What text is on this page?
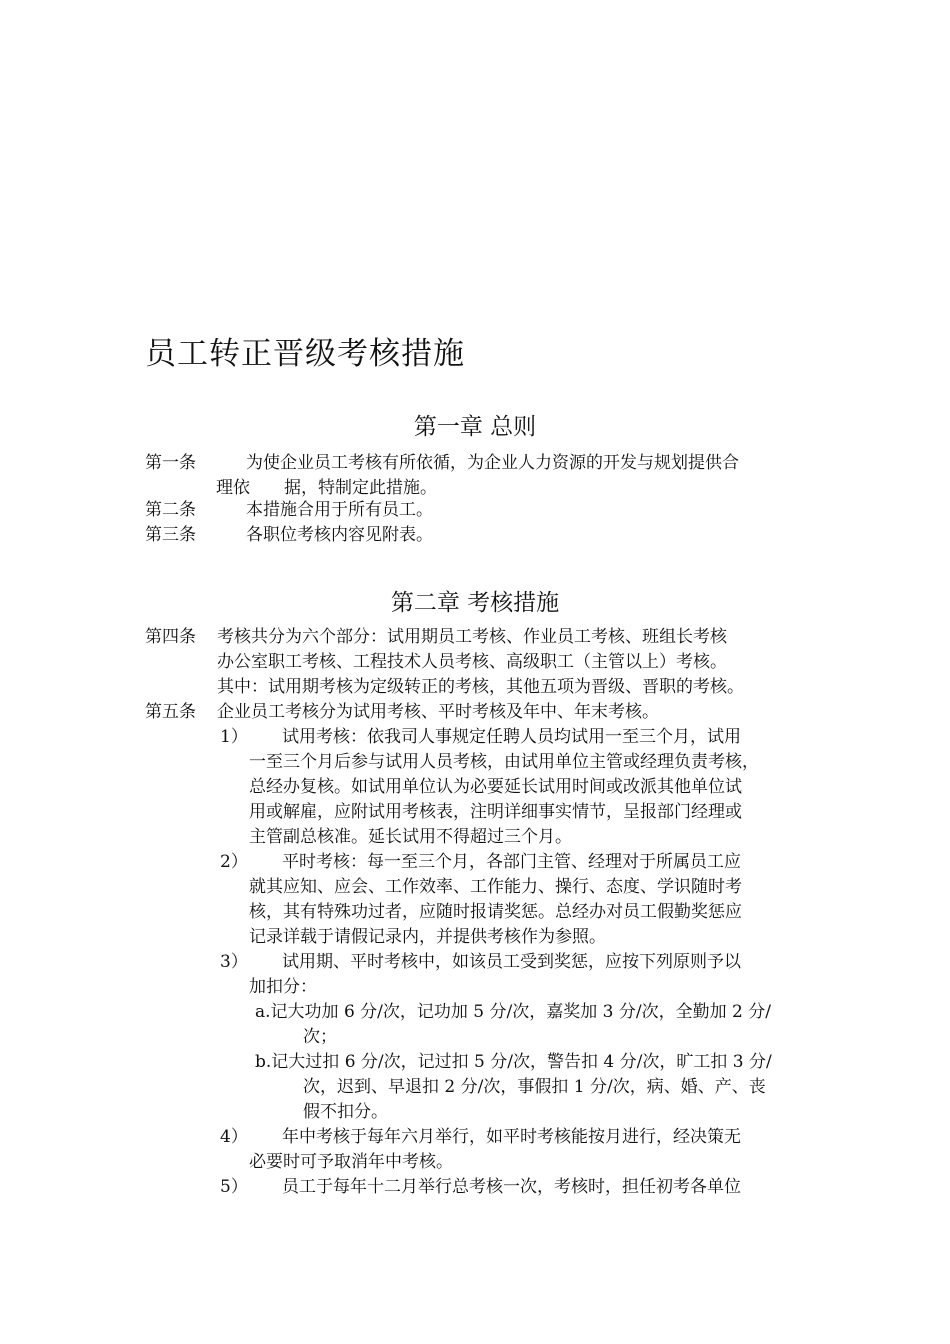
员工转正晋级考核措施
第一章 总则
第一条	为使企业员工考核有所依循，为企业人力资源的开发与规划提供合
理依 据，特制定此措施。
第二条	本措施合用于所有员工。
第三条	各职位考核内容见附表。
第二章 考核措施
第四条 考核共分为六个部分：试用期员工考核、作业员工考核、班组长考核
办公室职工考核、工程技术人员考核、高级职工（主管以上）考核。
其中：试用期考核为定级转正的考核，其他五项为晋级、晋职的考核。
第五条 企业员工考核分为试用考核、平时考核及年中、年末考核。
1） 试用考核：依我司人事规定任聘人员均试用一至三个月，试用
一至三个月后参与试用人员考核，由试用单位主管或经理负责考核，
总经办复核。如试用单位认为必要延长试用时间或改派其他单位试
用或解雇，应附试用考核表，注明详细事实情节，呈报部门经理或
主管副总核准。延长试用不得超过三个月。
2） 平时考核：每一至三个月，各部门主管、经理对于所属员工应
就其应知、应会、工作效率、工作能力、操行、态度、学识随时考
核，其有特殊功过者，应随时报请奖惩。总经办对员工假勤奖惩应
记录详载于请假记录内，并提供考核作为参照。
3） 试用期、平时考核中，如该员工受到奖惩，应按下列原则予以
加扣分：
a.记大功加 6 分/次，记功加 5 分/次，嘉奖加 3 分/次，全勤加 2 分/
次；
b.记大过扣 6 分/次，记过扣 5 分/次，警告扣 4 分/次，旷工扣 3 分/
次，迟到、早退扣 2 分/次，事假扣 1 分/次，病、婚、产、丧
假不扣分。
4） 年中考核于每年六月举行，如平时考核能按月进行，经决策无
必要时可予取消年中考核。
5） 员工于每年十二月举行总考核一次，考核时，担任初考各单位
